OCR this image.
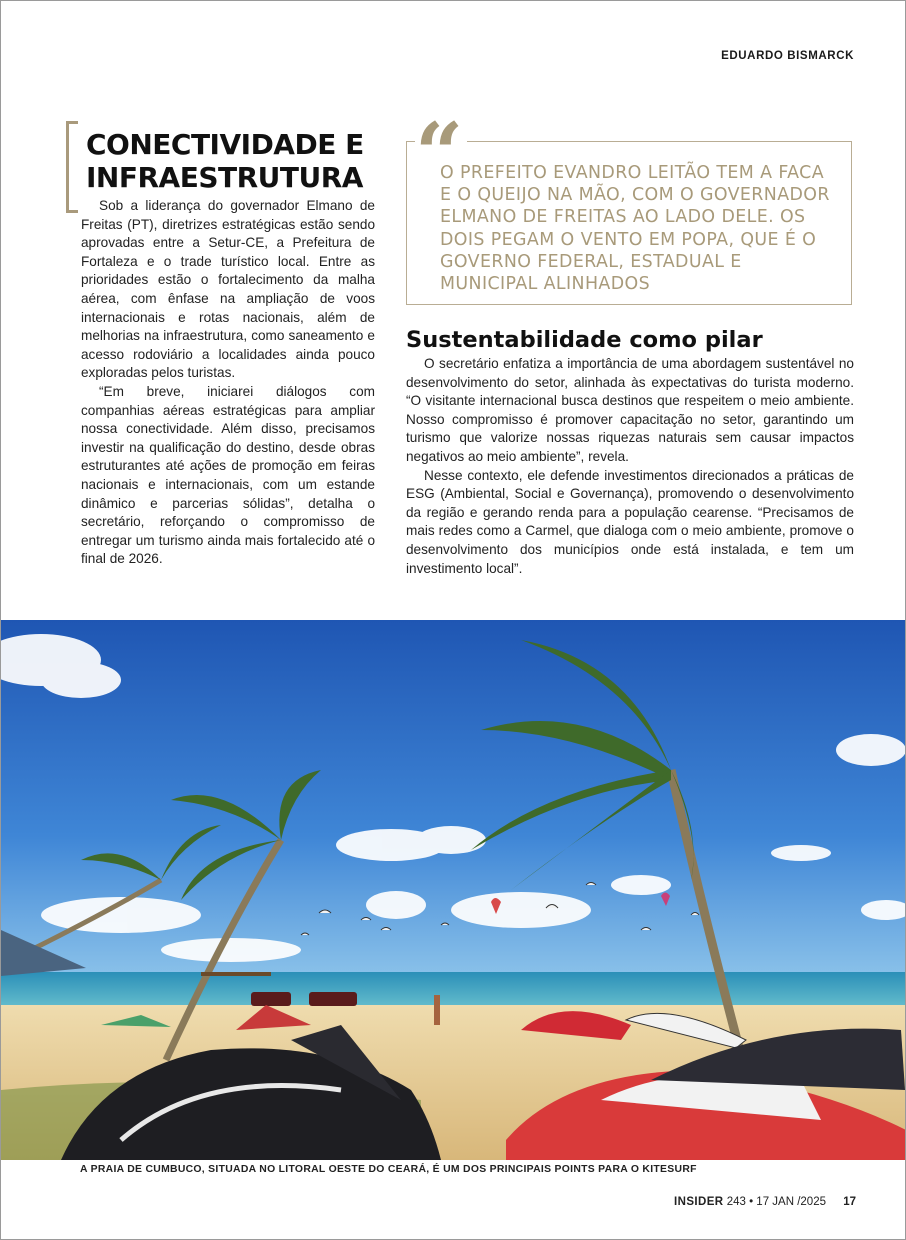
EDUARDO BISMARCK
CONECTIVIDADE E INFRAESTRUTURA

Sob a liderança do governador Elmano de Freitas (PT), diretrizes estratégicas estão sendo aprovadas entre a Setur-CE, a Prefeitura de Fortaleza e o trade turístico local. Entre as prioridades estão o fortalecimento da malha aérea, com ênfase na ampliação de voos internacionais e rotas nacionais, além de melhorias na infraestrutura, como saneamento e acesso rodoviário a localidades ainda pouco exploradas pelos turistas.

“Em breve, iniciarei diálogos com companhias aéreas estratégicas para ampliar nossa conectividade. Além disso, precisamos investir na qualificação do destino, desde obras estruturantes até ações de promoção em feiras nacionais e internacionais, com um estande dinâmico e parcerias sólidas”, detalha o secretário, reforçando o compromisso de entregar um turismo ainda mais fortalecido até o final de 2026.

“

O PREFEITO EVANDRO LEITÃO TEM A FACA E O QUEIJO NA MÃO, COM O GOVERNADOR ELMANO DE FREITAS AO LADO DELE. OS DOIS PEGAM O VENTO EM POPA, QUE É O GOVERNO FEDERAL, ESTADUAL E MUNICIPAL ALINHADOS

Sustentabilidade como pilar

O secretário enfatiza a importância de uma abordagem sustentável no desenvolvimento do setor, alinhada às expectativas do turista moderno. “O visitante internacional busca destinos que respeitem o meio ambiente. Nosso compromisso é promover capacitação no setor, garantindo um turismo que valorize nossas riquezas naturais sem causar impactos negativos ao meio ambiente”, revela.

Nesse contexto, ele defende investimentos direcionados a práticas de ESG (Ambiental, Social e Governança), promovendo o desenvolvimento da região e gerando renda para a população cearense. “Precisamos de mais redes como a Carmel, que dialoga com o meio ambiente, promove o desenvolvimento dos municípios onde está instalada, e tem um investimento local”.

A PRAIA DE CUMBUCO, SITUADA NO LITORAL OESTE DO CEARÁ, É UM DOS PRINCIPAIS POINTS PARA O KITESURF

INSIDER 243 • 17 JAN /2025 17
